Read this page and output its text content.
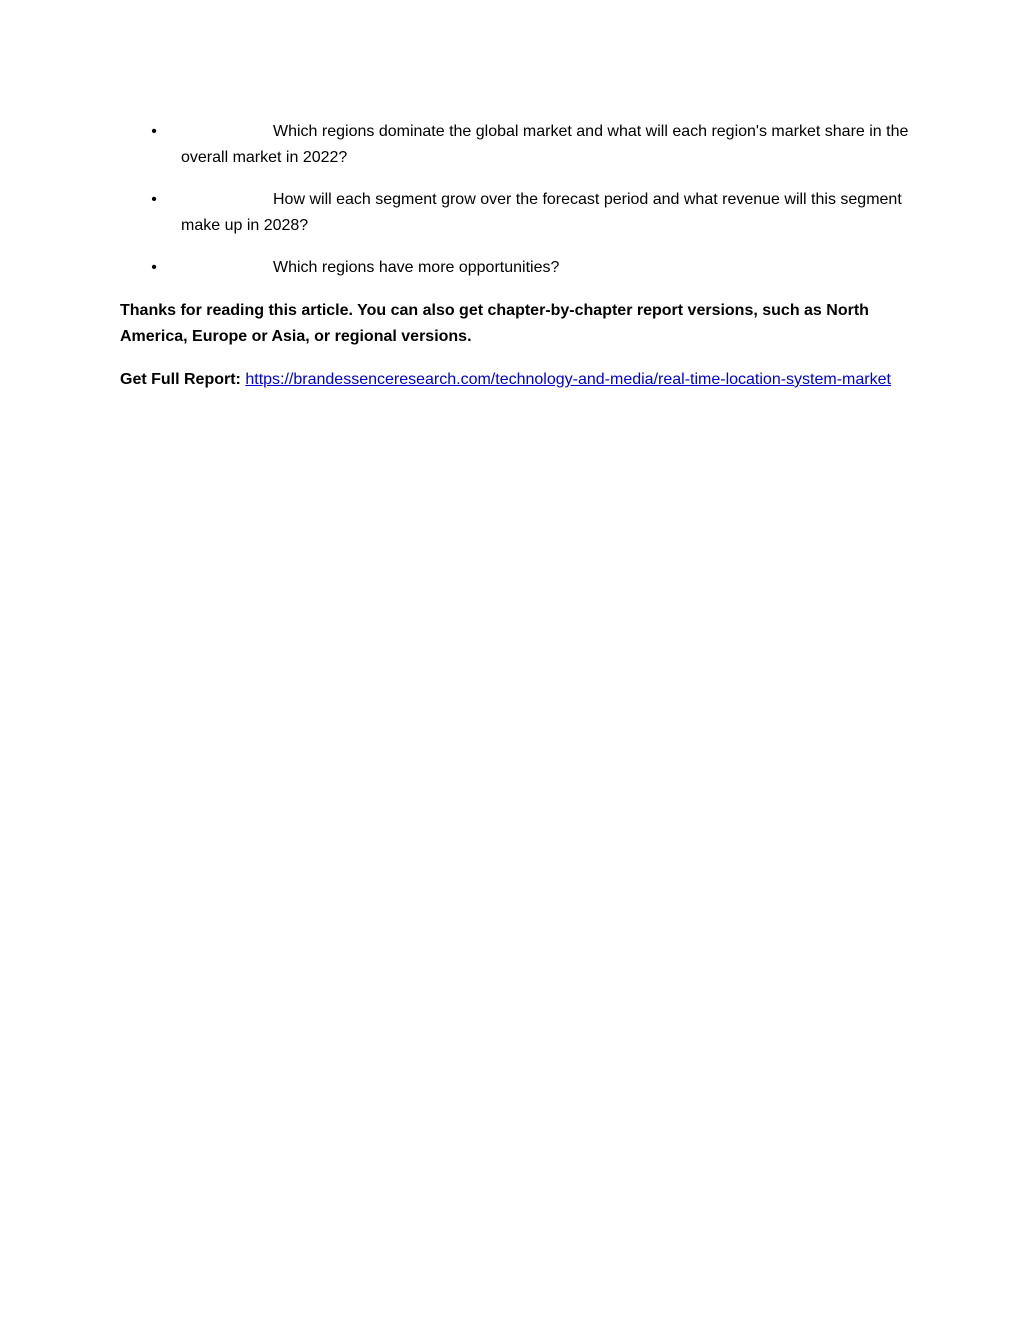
•	Which regions dominate the global market and what will each region's market share in the overall market in 2022?
•	How will each segment grow over the forecast period and what revenue will this segment make up in 2028?
•	Which regions have more opportunities?

Thanks for reading this article. You can also get chapter-by-chapter report versions, such as North America, Europe or Asia, or regional versions.

Get Full Report: https://brandessenceresearch.com/technology-and-media/real-time-location-system-market
